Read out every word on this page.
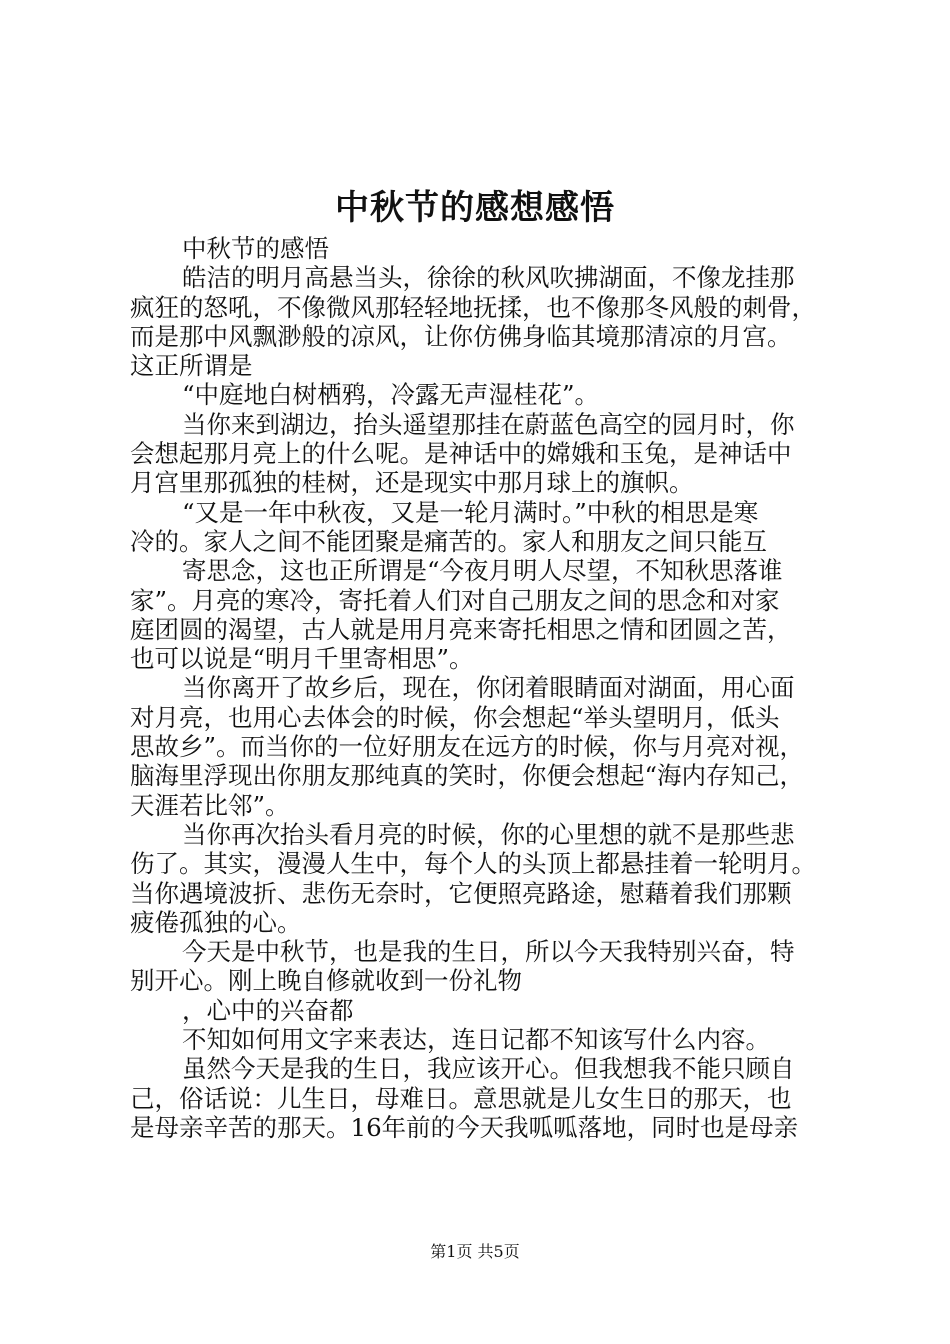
中秋节的感想感悟
中秋节的感悟
皓洁的明月高悬当头，徐徐的秋风吹拂湖面，不像龙挂那
疯狂的怒吼，不像微风那轻轻地抚揉，也不像那冬风般的刺骨，
而是那中风飘渺般的凉风，让你仿佛身临其境那清凉的月宫。
这正所谓是
“中庭地白树栖鸦，冷露无声湿桂花”。
当你来到湖边，抬头遥望那挂在蔚蓝色高空的园月时，你
会想起那月亮上的什么呢。是神话中的嫦娥和玉兔，是神话中
月宫里那孤独的桂树，还是现实中那月球上的旗帜。
“又是一年中秋夜，又是一轮月满时。”中秋的相思是寒
冷的。家人之间不能团聚是痛苦的。家人和朋友之间只能互
寄思念，这也正所谓是“今夜月明人尽望，不知秋思落谁
家”。月亮的寒冷，寄托着人们对自己朋友之间的思念和对家
庭团圆的渴望，古人就是用月亮来寄托相思之情和团圆之苦，
也可以说是“明月千里寄相思”。
当你离开了故乡后，现在，你闭着眼睛面对湖面，用心面
对月亮，也用心去体会的时候，你会想起“举头望明月，低头
思故乡”。而当你的一位好朋友在远方的时候，你与月亮对视，
脑海里浮现出你朋友那纯真的笑时，你便会想起“海内存知己，
天涯若比邻”。
当你再次抬头看月亮的时候，你的心里想的就不是那些悲
伤了。其实，漫漫人生中，每个人的头顶上都悬挂着一轮明月。
当你遇境波折、悲伤无奈时，它便照亮路途，慰藉着我们那颗
疲倦孤独的心。
今天是中秋节，也是我的生日，所以今天我特别兴奋，特
别开心。刚上晚自修就收到一份礼物
，心中的兴奋都
不知如何用文字来表达，连日记都不知该写什么内容。
虽然今天是我的生日，我应该开心。但我想我不能只顾自
己，俗话说：儿生日，母难日。意思就是儿女生日的那天，也
是母亲辛苦的那天。16年前的今天我呱呱落地，同时也是母亲
第1页 共5页
